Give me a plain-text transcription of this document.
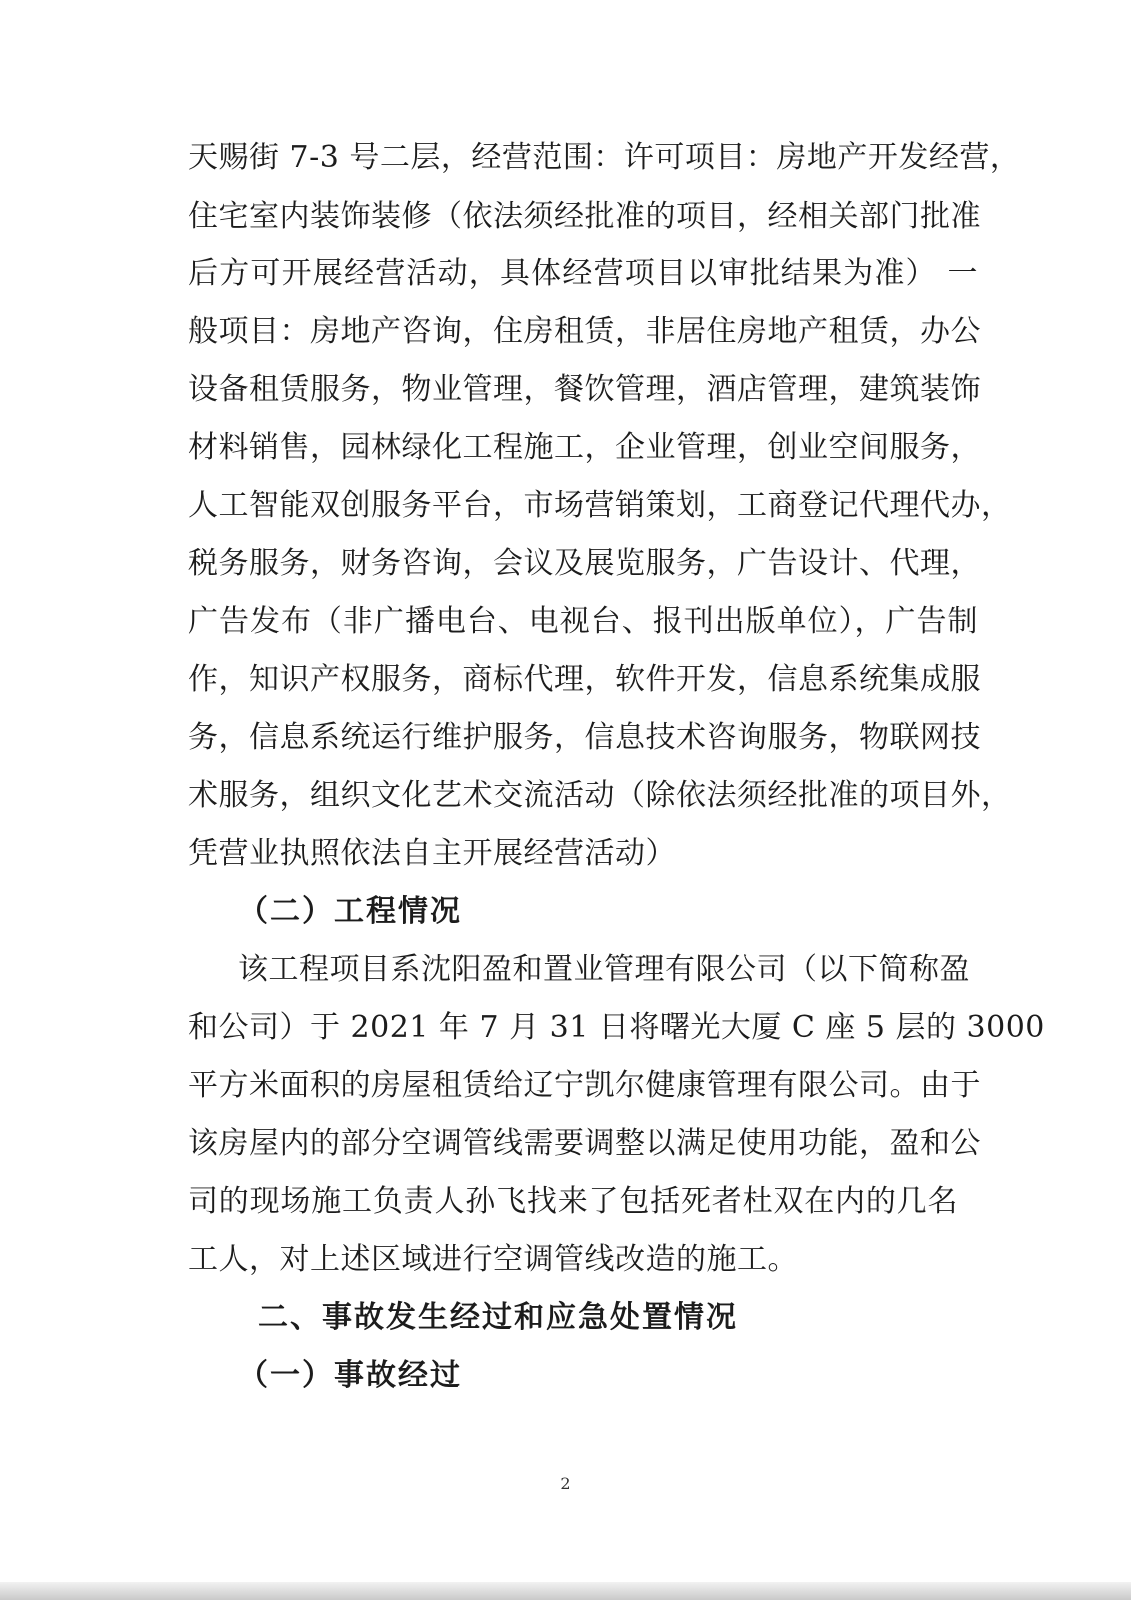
天赐街 7-3 号二层，经营范围：许可项目：房地产开发经营，
住宅室内装饰装修（依法须经批准的项目，经相关部门批准
后方可开展经营活动，具体经营项目以审批结果为准） 一
般项目：房地产咨询，住房租赁，非居住房地产租赁，办公
设备租赁服务，物业管理，餐饮管理，酒店管理，建筑装饰
材料销售，园林绿化工程施工，企业管理，创业空间服务，
人工智能双创服务平台，市场营销策划，工商登记代理代办，
税务服务，财务咨询，会议及展览服务，广告设计、代理，
广告发布（非广播电台、电视台、报刊出版单位），广告制
作，知识产权服务，商标代理，软件开发，信息系统集成服
务，信息系统运行维护服务，信息技术咨询服务，物联网技
术服务，组织文化艺术交流活动（除依法须经批准的项目外，
凭营业执照依法自主开展经营活动）
（二）工程情况
该工程项目系沈阳盈和置业管理有限公司（以下简称盈
和公司）于 2021 年 7 月 31 日将曙光大厦 C 座 5 层的 3000
平方米面积的房屋租赁给辽宁凯尔健康管理有限公司。由于
该房屋内的部分空调管线需要调整以满足使用功能，盈和公
司的现场施工负责人孙飞找来了包括死者杜双在内的几名
工人，对上述区域进行空调管线改造的施工。
二、事故发生经过和应急处置情况
（一）事故经过
2
